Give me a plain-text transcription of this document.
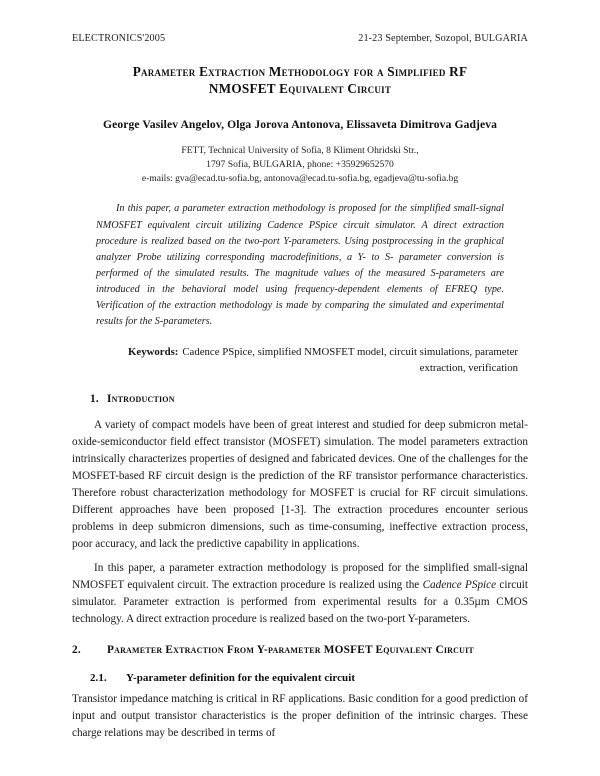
ELECTRONICS'2005	21-23 September, Sozopol, BULGARIA
Parameter Extraction Methodology for a Simplified RF
NMOSFET Equivalent Circuit
George Vasilev Angelov, Olga Jorova Antonova, Elissaveta Dimitrova Gadjeva
FETT, Technical University of Sofia, 8 Kliment Ohridski Str.,
1797 Sofia, BULGARIA, phone: +35929652570
e-mails: gva@ecad.tu-sofia.bg, antonova@ecad.tu-sofia.bg, egadjeva@tu-sofia.bg
In this paper, a parameter extraction methodology is proposed for the simplified small-signal NMOSFET equivalent circuit utilizing Cadence PSpice circuit simulator. A direct extraction procedure is realized based on the two-port Y-parameters. Using postprocessing in the graphical analyzer Probe utilizing corresponding macrodefinitions, a Y- to S- parameter conversion is performed of the simulated results. The magnitude values of the measured S-parameters are introduced in the behavioral model using frequency-dependent elements of EFREQ type. Verification of the extraction methodology is made by comparing the simulated and experimental results for the S-parameters.
Keywords: Cadence PSpice, simplified NMOSFET model, circuit simulations, parameter extraction, verification
1. Introduction

A variety of compact models have been of great interest and studied for deep submicron metal-oxide-semiconductor field effect transistor (MOSFET) simulation. The model parameters extraction intrinsically characterizes properties of designed and fabricated devices. One of the challenges for the MOSFET-based RF circuit design is the prediction of the RF transistor performance characteristics. Therefore robust characterization methodology for MOSFET is crucial for RF circuit simulations. Different approaches have been proposed [1-3]. The extraction procedures encounter serious problems in deep submicron dimensions, such as time-consuming, ineffective extraction process, poor accuracy, and lack the predictive capability in applications.

In this paper, a parameter extraction methodology is proposed for the simplified small-signal NMOSFET equivalent circuit. The extraction procedure is realized using the Cadence PSpice circuit simulator. Parameter extraction is performed from experimental results for a 0.35µm CMOS technology. A direct extraction procedure is realized based on the two-port Y-parameters.

2. Parameter Extraction From Y-parameter MOSFET Equivalent Circuit
2.1. Y-parameter definition for the equivalent circuit

Transistor impedance matching is critical in RF applications. Basic condition for a good prediction of input and output transistor characteristics is the proper definition of the intrinsic charges. These charge relations may be described in terms of
